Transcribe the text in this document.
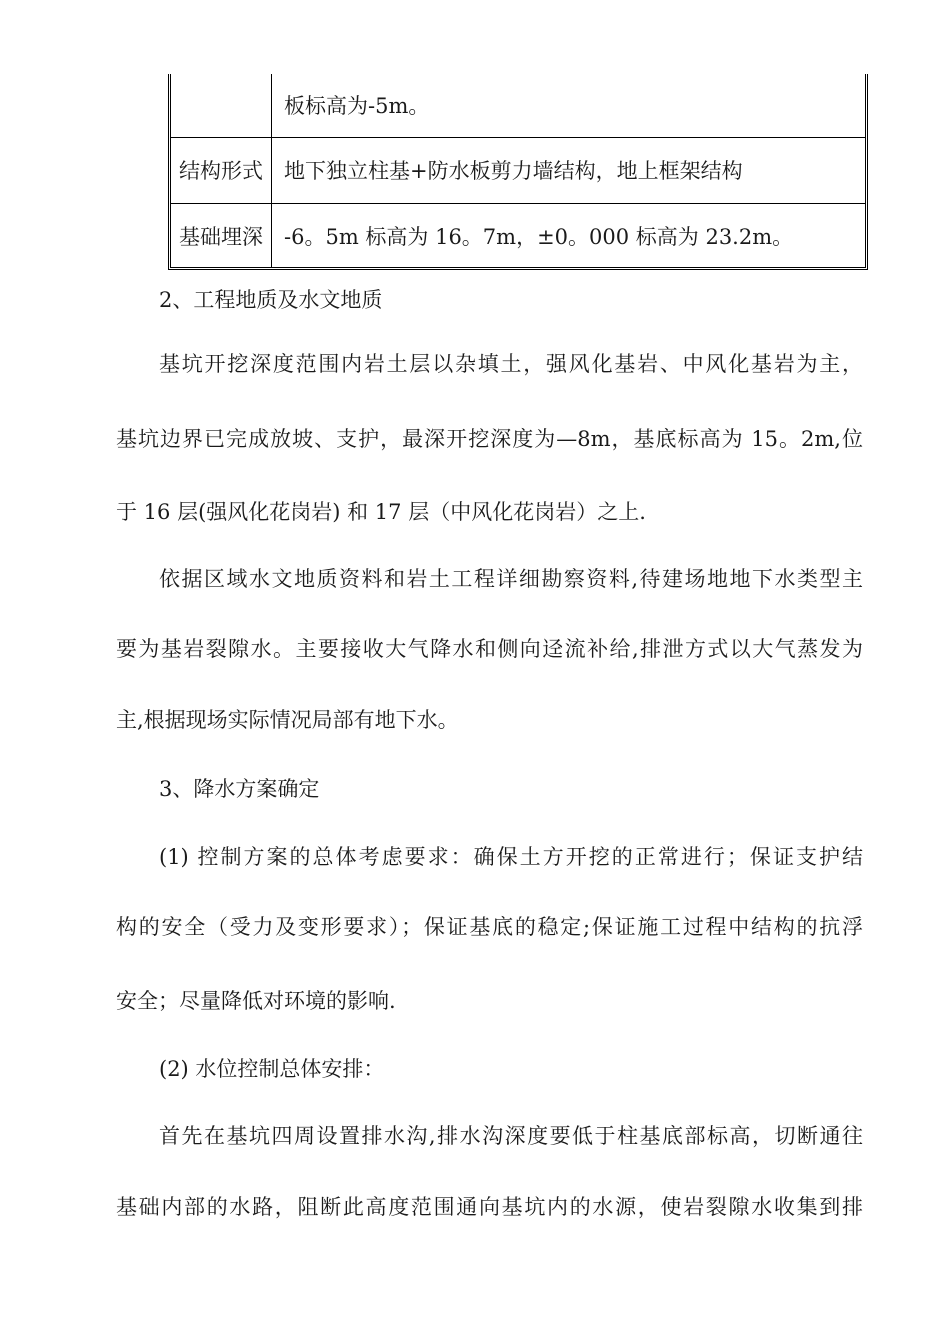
	板标高为-5m。
结构形式	地下独立柱基+防水板剪力墙结构，地上框架结构
基础埋深	-6。5m 标高为 16。7m，±0。000 标高为 23.2m。
2、工程地质及水文地质
基坑开挖深度范围内岩土层以杂填土，强风化基岩、中风化基岩为主，
基坑边界已完成放坡、支护，最深开挖深度为—8m，基底标高为 15。2m,位
于 16 层(强风化花岗岩) 和 17 层（中风化花岗岩）之上.
依据区域水文地质资料和岩土工程详细勘察资料,待建场地地下水类型主
要为基岩裂隙水。主要接收大气降水和侧向迳流补给,排泄方式以大气蒸发为
主,根据现场实际情况局部有地下水。
3、降水方案确定
(1) 控制方案的总体考虑要求：确保土方开挖的正常进行；保证支护结
构的安全（受力及变形要求）；保证基底的稳定;保证施工过程中结构的抗浮
安全；尽量降低对环境的影响.
(2) 水位控制总体安排：
首先在基坑四周设置排水沟,排水沟深度要低于柱基底部标高，切断通往
基础内部的水路，阻断此高度范围通向基坑内的水源，使岩裂隙水收集到排
